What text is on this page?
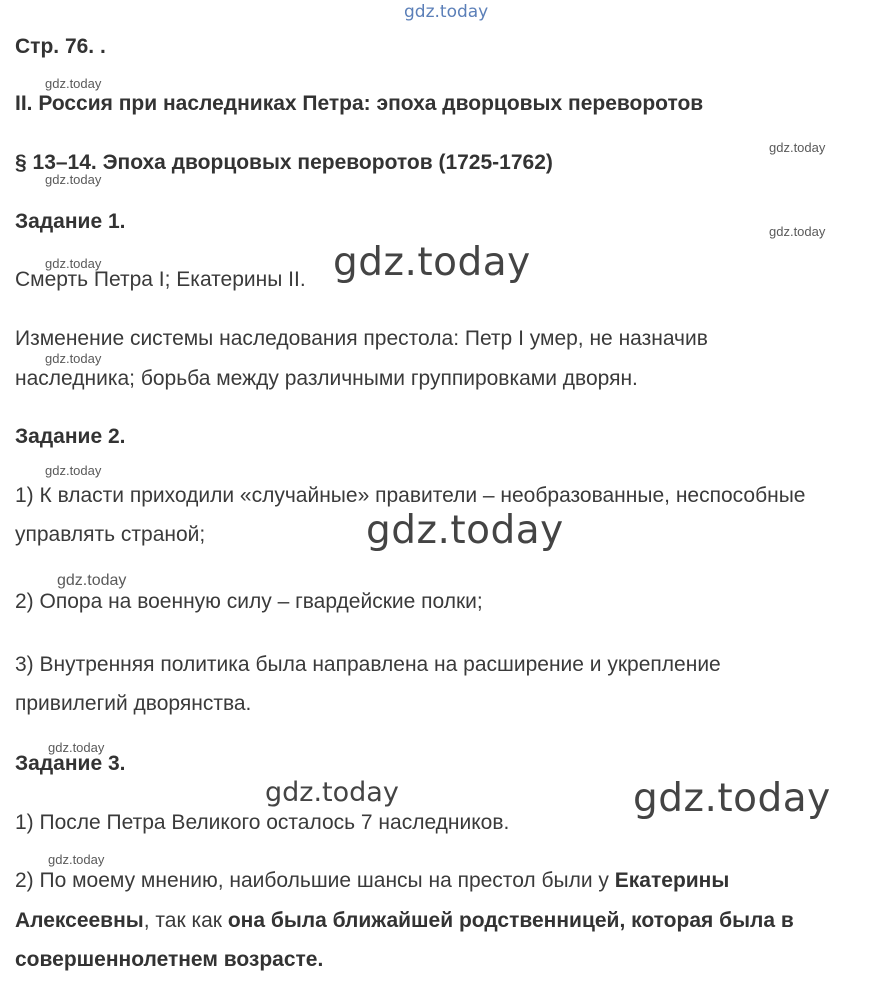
gdz.today
Стр. 76. .
gdz.today
II. Россия при наследниках Петра: эпоха дворцовых переворотов
gdz.today
§ 13–14. Эпоха дворцовых переворотов (1725-1762)
gdz.today
Задание 1.	gdz.today
gdz.today
Смерть Петра I; Екатерины II. gdz.today
Изменение системы наследования престола: Петр I умер, не назначив
gdz.today
наследника; борьба между различными группировками дворян.
Задание 2.
gdz.today
1) К власти приходили «случайные» правители – необразованные, неспособные
управлять страной;	gdz.today
gdz.today
2) Опора на военную силу – гвардейские полки;
3) Внутренняя политика была направлена на расширение и укрепление
привилегий дворянства.
gdz.today
Задание 3.
gdz.today	gdz.today
1) После Петра Великого осталось 7 наследников.
gdz.today
2) По моему мнению, наибольшие шансы на престол были у Екатерины
Алексеевны, так как она была ближайшей родственницей, которая была в
совершеннолетнем возрасте.
